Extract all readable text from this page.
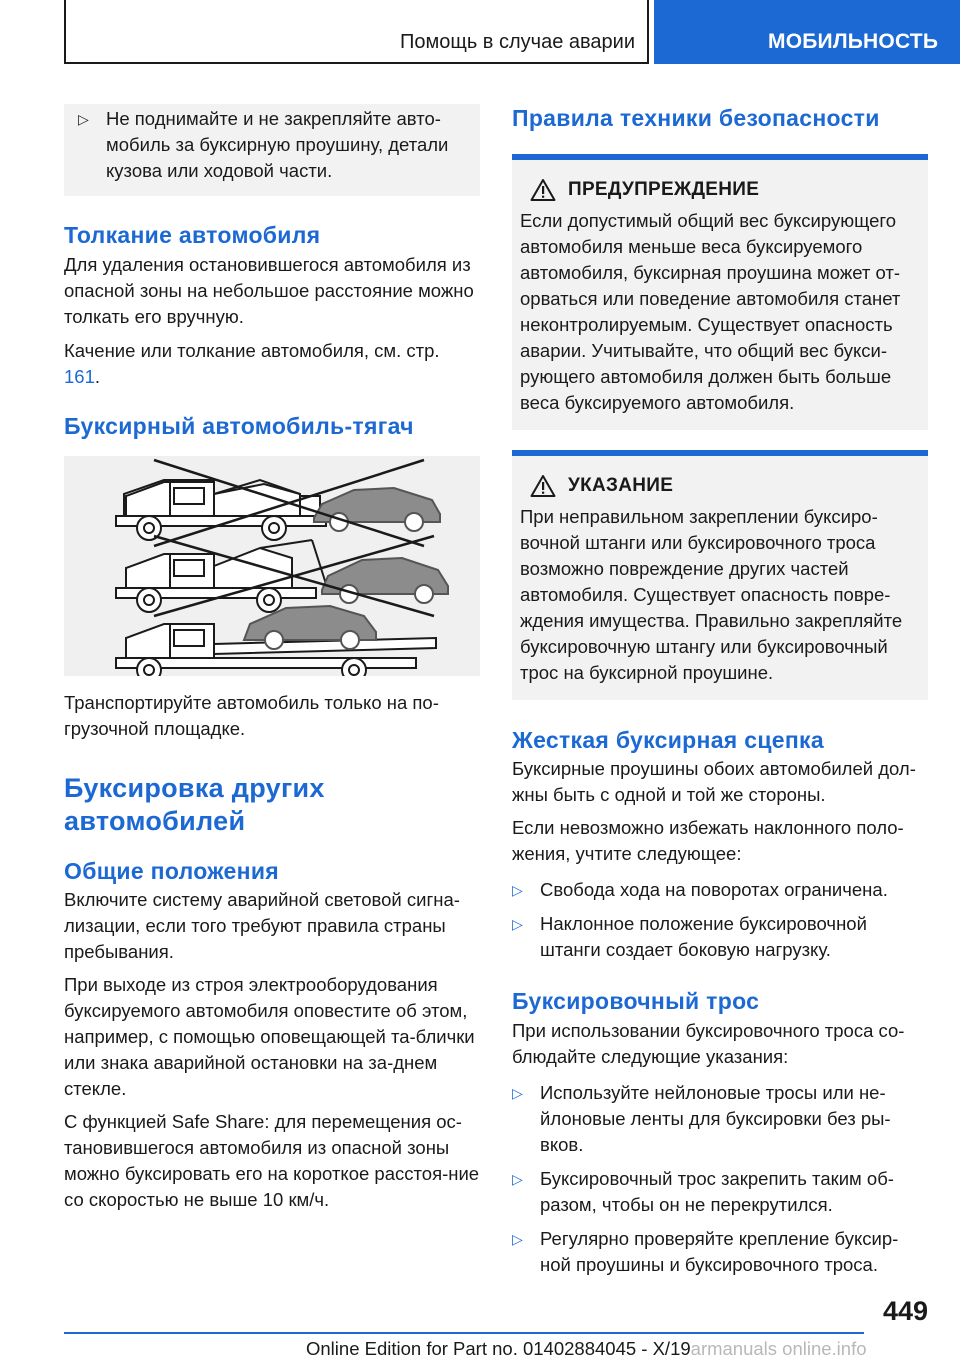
Помощь в случае аварии	МОБИЛЬНОСТЬ
▷ Не поднимайте и не закрепляйте авто-мобиль за буксирную проушину, детали кузова или ходовой части.
Толкание автомобиля
Для удаления остановившегося автомобиля из опасной зоны на небольшое расстояние можно толкать его вручную.
Качение или толкание автомобиля, см. стр. 161.
Буксирный автомобиль-тягач
Транспортируйте автомобиль только на по-грузочной площадке.
Буксировка других
автомобилей
Общие положения
Включите систему аварийной световой сигна-лизации, если того требуют правила страны пребывания.
При выходе из строя электрооборудования буксируемого автомобиля оповестите об этом, например, с помощью оповещающей та-блички или знака аварийной остановки на за-днем стекле.
С функцией Safe Share: для перемещения ос-тановившегося автомобиля из опасной зоны можно буксировать его на короткое расстоя-ние со скоростью не выше 10 км/ч.
Правила техники безопасности
ПРЕДУПРЕЖДЕНИЕ
Если допустимый общий вес буксирующего автомобиля меньше веса буксируемого автомобиля, буксирная проушина может от-орваться или поведение автомобиля станет неконтролируемым. Существует опасность аварии. Учитывайте, что общий вес букси-рующего автомобиля должен быть больше веса буксируемого автомобиля.
УКАЗАНИЕ
При неправильном закреплении буксиро-вочной штанги или буксировочного троса возможно повреждение других частей автомобиля. Существует опасность повре-ждения имущества. Правильно закрепляйте буксировочную штангу или буксировочный трос на буксирной проушине.
Жесткая буксирная сцепка
Буксирные проушины обоих автомобилей дол-жны быть с одной и той же стороны.
Если невозможно избежать наклонного поло-жения, учтите следующее:
▷ Свобода хода на поворотах ограничена.
▷ Наклонное положение буксировочной штанги создает боковую нагрузку.
Буксировочный трос
При использовании буксировочного троса со-блюдайте следующие указания:
▷ Используйте нейлоновые тросы или не-йлоновые ленты для буксировки без ры-вков.
▷ Буксировочный трос закрепить таким об-разом, чтобы он не перекрутился.
▷ Регулярно проверяйте крепление буксир-ной проушины и буксировочного троса.
449
Online Edition for Part no. 01402884045 - X/19armanuals online.info
